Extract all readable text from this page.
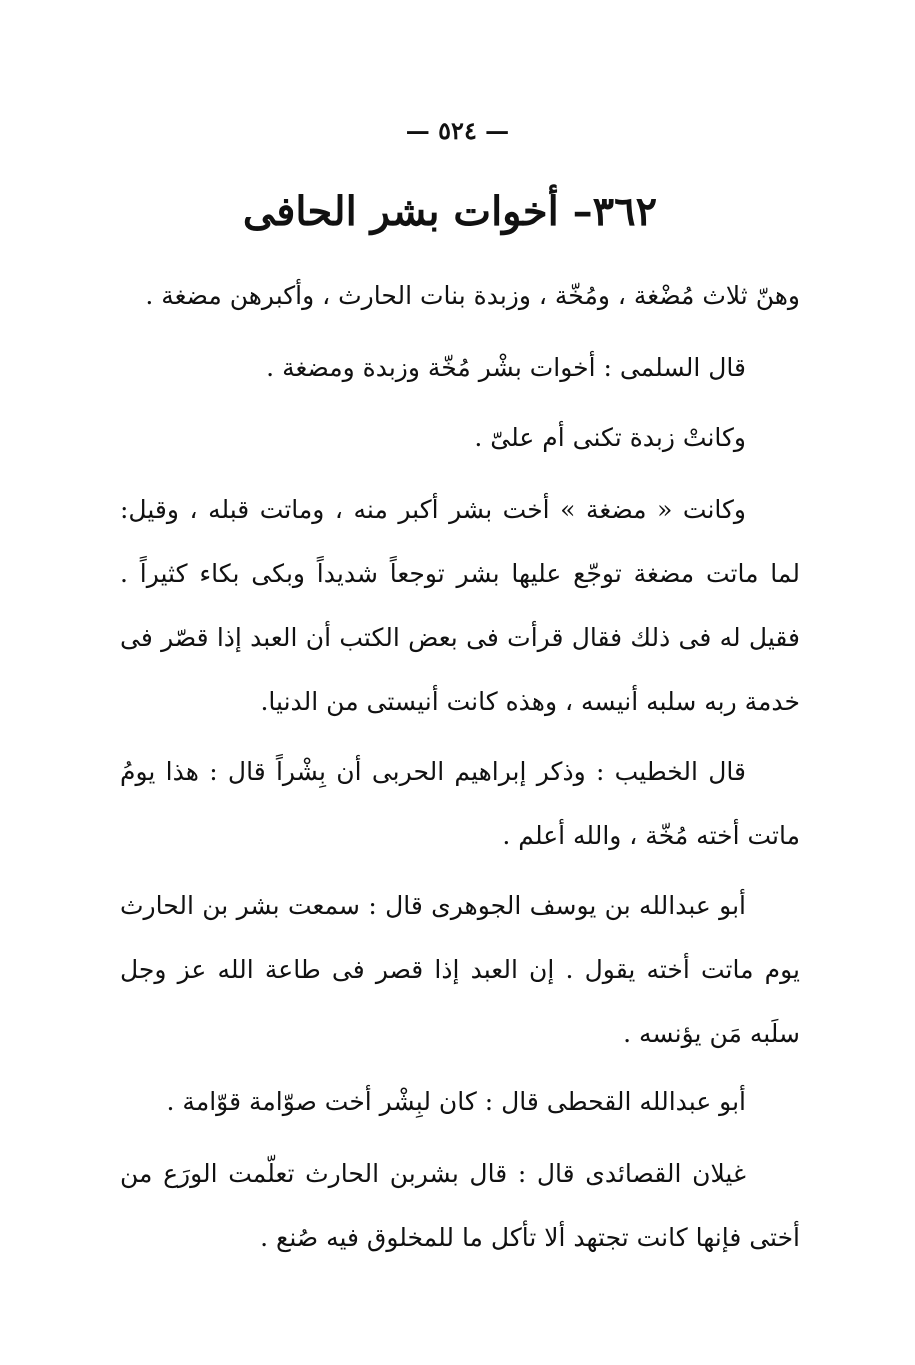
— ٥٢٤ —
٣٦٢– أخوات بشر الحافى

وهنّ ثلاث مُضْغة ، ومُخّة ، وزبدة بنات الحارث ، وأكبرهن مضغة .

قال السلمى : أخوات بشْر مُخّة وزبدة ومضغة .

وكانتْ زبدة تكنى أم علىّ .

وكانت « مضغة » أخت بشر أكبر منه ، وماتت قبله ، وقيل: لما ماتت مضغة توجّع عليها بشر توجعاً شديداً وبكى بكاء كثيراً . فقيل له فى ذلك فقال قرأت فى بعض الكتب أن العبد إذا قصّر فى خدمة ربه سلبه أنيسه ، وهذه كانت أنيستى من الدنيا.

قال الخطيب : وذكر إبراهيم الحربى أن بِشْراً قال : هذا يومُ ماتت أخته مُخّة ، والله أعلم .

أبو عبدالله بن يوسف الجوهرى قال : سمعت بشر بن الحارث يوم ماتت أخته يقول . إن العبد إذا قصر فى طاعة الله عز وجل سلَبه مَن يؤنسه .

أبو عبدالله القحطى قال : كان لبِشْر أخت صوّامة قوّامة .

غيلان القصائدى قال : قال بشربن الحارث تعلّمت الورَع من أختى فإنها كانت تجتهد ألا تأكل ما للمخلوق فيه صُنع .
